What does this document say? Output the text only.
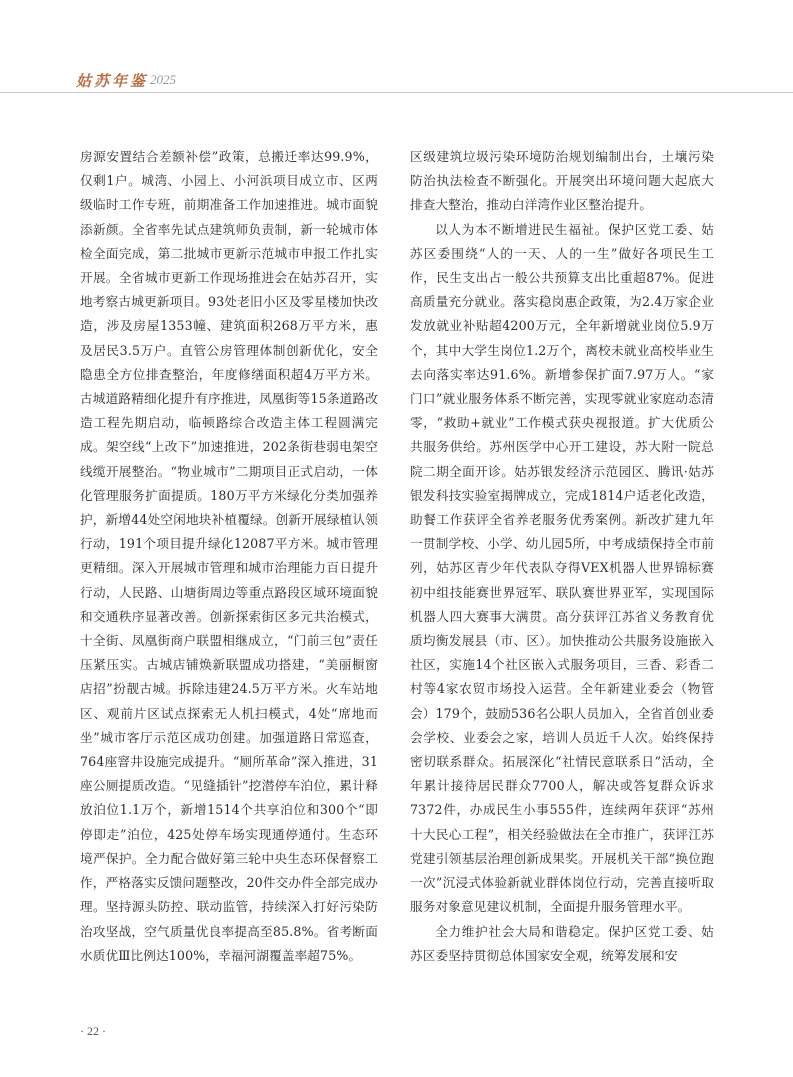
姑苏年鉴 2025

房源安置结合差额补偿”政策，总搬迁率达99.9%，仅剩1户。城湾、小园上、小河浜项目成立市、区两级临时工作专班，前期准备工作加速推进。城市面貌添新颜。全省率先试点建筑师负责制，新一轮城市体检全面完成，第二批城市更新示范城市申报工作扎实开展。全省城市更新工作现场推进会在姑苏召开，实地考察古城更新项目。93处老旧小区及零星楼加快改造，涉及房屋1353幢、建筑面积268万平方米，惠及居民3.5万户。直管公房管理体制创新优化，安全隐患全方位排查整治，年度修缮面积超4万平方米。古城道路精细化提升有序推进，凤凰街等15条道路改造工程先期启动，临顿路综合改造主体工程圆满完成。架空线“上改下”加速推进，202条街巷弱电架空线缆开展整治。“物业城市”二期项目正式启动，一体化管理服务扩面提质。180万平方米绿化分类加强养护，新增44处空闲地块补植覆绿。创新开展绿植认领行动，191个项目提升绿化12087平方米。城市管理更精细。深入开展城市管理和城市治理能力百日提升行动，人民路、山塘街周边等重点路段区域环境面貌和交通秩序显著改善。创新探索街区多元共治模式，十全街、凤凰街商户联盟相继成立，“门前三包”责任压紧压实。古城店铺焕新联盟成功搭建，“美丽橱窗店招”扮靓古城。拆除违建24.5万平方米。火车站地区、观前片区试点探索无人机扫模式，4处“席地而坐”城市客厅示范区成功创建。加强道路日常巡查，764座窨井设施完成提升。“厕所革命”深入推进，31座公厕提质改造。“见缝插针”挖潜停车泊位，累计释放泊位1.1万个，新增1514个共享泊位和300个“即停即走”泊位，425处停车场实现通停通付。生态环境严保护。全力配合做好第三轮中央生态环保督察工作，严格落实反馈问题整改，20件交办件全部完成办理。坚持源头防控、联动监管，持续深入打好污染防治攻坚战，空气质量优良率提高至85.8%。省考断面水质优Ⅲ比例达100%，幸福河湖覆盖率超75%。

区级建筑垃圾污染环境防治规划编制出台，土壤污染防治执法检查不断强化。开展突出环境问题大起底大排查大整治，推动白洋湾作业区整治提升。

以人为本不断增进民生福祉。保护区党工委、姑苏区委围绕“人的一天、人的一生”做好各项民生工作，民生支出占一般公共预算支出比重超87%。促进高质量充分就业。落实稳岗惠企政策，为2.4万家企业发放就业补贴超4200万元，全年新增就业岗位5.9万个，其中大学生岗位1.2万个，离校未就业高校毕业生去向落实率达91.6%。新增参保扩面7.97万人。“家门口”就业服务体系不断完善，实现零就业家庭动态清零，“救助+就业”工作模式获央视报道。扩大优质公共服务供给。苏州医学中心开工建设，苏大附一院总院二期全面开诊。姑苏银发经济示范园区、腾讯·姑苏银发科技实验室揭牌成立，完成1814户适老化改造，助餐工作获评全省养老服务优秀案例。新改扩建九年一贯制学校、小学、幼儿园5所，中考成绩保持全市前列，姑苏区青少年代表队夺得VEX机器人世界锦标赛初中组技能赛世界冠军、联队赛世界亚军，实现国际机器人四大赛事大满贯。高分获评江苏省义务教育优质均衡发展县（市、区）。加快推动公共服务设施嵌入社区，实施14个社区嵌入式服务项目，三香、彩香二村等4家农贸市场投入运营。全年新建业委会（物管会）179个，鼓励536名公职人员加入，全省首创业委会学校、业委会之家，培训人员近千人次。始终保持密切联系群众。拓展深化“社情民意联系日”活动，全年累计接待居民群众7700人，解决或答复群众诉求7372件，办成民生小事555件，连续两年获评“苏州十大民心工程”，相关经验做法在全市推广，获评江苏党建引领基层治理创新成果奖。开展机关干部“换位跑一次”沉浸式体验新就业群体岗位行动，完善直接听取服务对象意见建议机制，全面提升服务管理水平。

全力维护社会大局和谐稳定。保护区党工委、姑苏区委坚持贯彻总体国家安全观，统筹发展和安

· 22 ·
